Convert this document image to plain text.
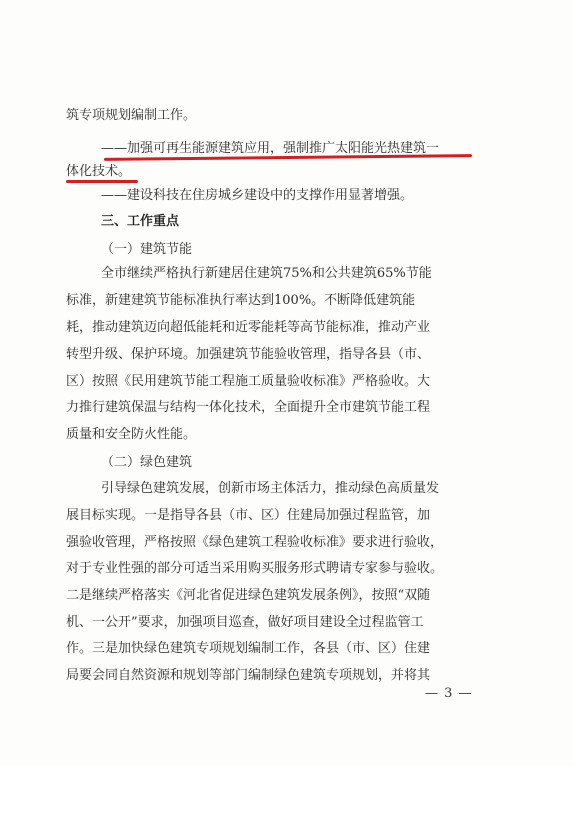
筑专项规划编制工作。
——加强可再生能源建筑应用，强制推广太阳能光热建筑一
体化技术。
——建设科技在住房城乡建设中的支撑作用显著增强。
三、工作重点
（一）建筑节能
全市继续严格执行新建居住建筑75%和公共建筑65%节能
标准，新建建筑节能标准执行率达到100%。不断降低建筑能
耗，推动建筑迈向超低能耗和近零能耗等高节能标准，推动产业
转型升级、保护环境。加强建筑节能验收管理，指导各县（市、
区）按照《民用建筑节能工程施工质量验收标准》严格验收。大
力推行建筑保温与结构一体化技术，全面提升全市建筑节能工程
质量和安全防火性能。
（二）绿色建筑
引导绿色建筑发展，创新市场主体活力，推动绿色高质量发
展目标实现。一是指导各县（市、区）住建局加强过程监管，加
强验收管理，严格按照《绿色建筑工程验收标准》要求进行验收，
对于专业性强的部分可适当采用购买服务形式聘请专家参与验收。
二是继续严格落实《河北省促进绿色建筑发展条例》，按照“双随
机、一公开”要求，加强项目巡查，做好项目建设全过程监管工
作。三是加快绿色建筑专项规划编制工作，各县（市、区）住建
局要会同自然资源和规划等部门编制绿色建筑专项规划，并将其
— 3 —
